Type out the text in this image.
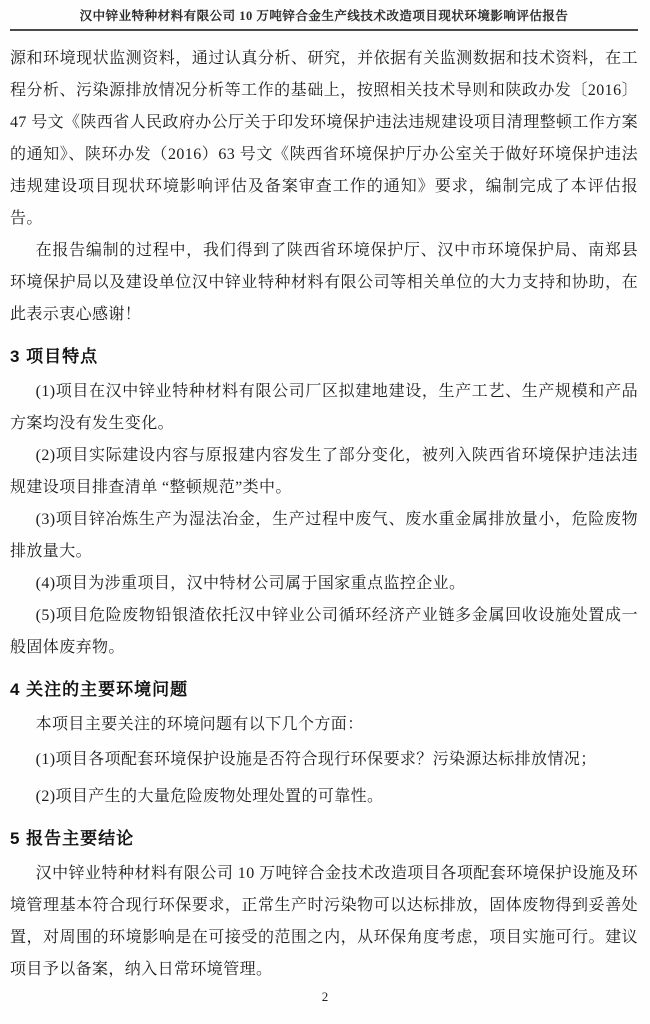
汉中锌业特种材料有限公司 10 万吨锌合金生产线技术改造项目现状环境影响评估报告

源和环境现状监测资料，通过认真分析、研究，并依据有关监测数据和技术资料，在工程分析、污染源排放情况分析等工作的基础上，按照相关技术导则和陕政办发〔2016〕47 号文《陕西省人民政府办公厅关于印发环境保护违法违规建设项目清理整顿工作方案的通知》、陕环办发（2016）63 号文《陕西省环境保护厅办公室关于做好环境保护违法违规建设项目现状环境影响评估及备案审查工作的通知》要求，编制完成了本评估报告。

在报告编制的过程中，我们得到了陕西省环境保护厅、汉中市环境保护局、南郑县环境保护局以及建设单位汉中锌业特种材料有限公司等相关单位的大力支持和协助，在此表示衷心感谢！

3 项目特点

(1)项目在汉中锌业特种材料有限公司厂区拟建地建设，生产工艺、生产规模和产品方案均没有发生变化。

(2)项目实际建设内容与原报建内容发生了部分变化，被列入陕西省环境保护违法违规建设项目排查清单 “整顿规范”类中。

(3)项目锌冶炼生产为湿法冶金，生产过程中废气、废水重金属排放量小，危险废物排放量大。

(4)项目为涉重项目，汉中特材公司属于国家重点监控企业。

(5)项目危险废物铅银渣依托汉中锌业公司循环经济产业链多金属回收设施处置成一般固体废弃物。

4 关注的主要环境问题

本项目主要关注的环境问题有以下几个方面：

(1)项目各项配套环境保护设施是否符合现行环保要求？污染源达标排放情况；

(2)项目产生的大量危险废物处理处置的可靠性。

5 报告主要结论

汉中锌业特种材料有限公司 10 万吨锌合金技术改造项目各项配套环境保护设施及环境管理基本符合现行环保要求，正常生产时污染物可以达标排放，固体废物得到妥善处置，对周围的环境影响是在可接受的范围之内，从环保角度考虑，项目实施可行。建议项目予以备案，纳入日常环境管理。

2
